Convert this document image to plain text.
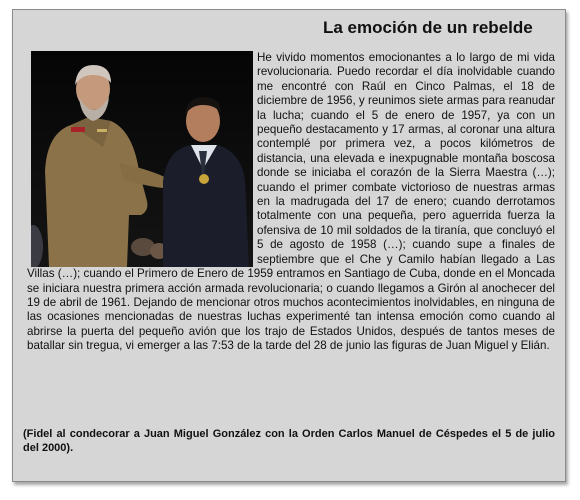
La emoción de un rebelde

He vivido momentos emocionantes a lo largo de mi vida revolucionaria. Puedo recordar el día inolvidable cuando me encontré con Raúl en Cinco Palmas, el 18 de diciembre de 1956, y reunimos siete armas para reanudar la lucha; cuando el 5 de enero de 1957, ya con un pequeño destacamento y 17 armas, al coronar una altura contemplé por primera vez, a pocos kilómetros de distancia, una elevada e inexpugnable montaña boscosa donde se iniciaba el corazón de la Sierra Maestra (…); cuando el primer combate victorioso de nuestras armas en la madrugada del 17 de enero; cuando derrotamos totalmente con una pequeña, pero aguerrida fuerza la ofensiva de 10 mil soldados de la tiranía, que concluyó el 5 de agosto de 1958 (…); cuando supe a finales de septiembre que el Che y Camilo habían llegado a Las Villas (…); cuando el Primero de Enero de 1959 entramos en Santiago de Cuba, donde en el Moncada se iniciara nuestra primera acción armada revolucionaria; o cuando llegamos a Girón al anochecer del 19 de abril de 1961. Dejando de mencionar otros muchos acontecimientos inolvidables, en ninguna de las ocasiones mencionadas de nuestras luchas experimenté tan intensa emoción como cuando al abrirse la puerta del pequeño avión que los trajo de Estados Unidos, después de tantos meses de batallar sin tregua, vi emerger a las 7:53 de la tarde del 28 de junio las figuras de Juan Miguel y Elián.

(Fidel al condecorar a Juan Miguel González con la Orden Carlos Manuel de Céspedes el 5 de julio del 2000).
